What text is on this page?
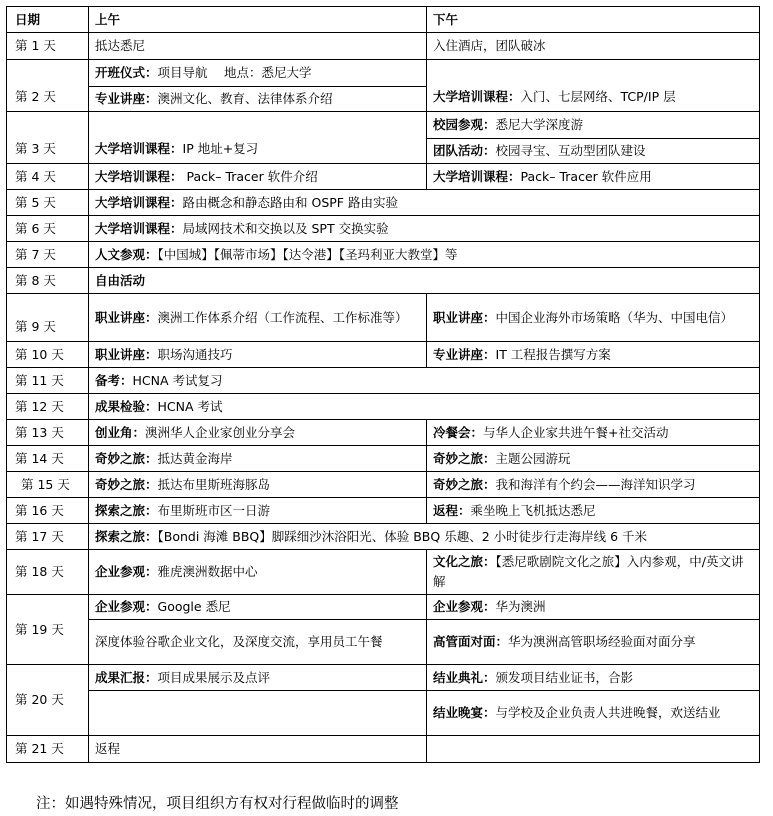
日期	上午	下午
第 1 天	抵达悉尼	入住酒店，团队破冰
第 2 天	开班仪式：项目导航　 地点：悉尼大学	大学培训课程：入门、七层网络、TCP/IP 层
	专业讲座：澳洲文化、教育、法律体系介绍	
第 3 天	大学培训课程：IP 地址+复习	校园参观：悉尼大学深度游
		团队活动：校园寻宝、互动型团队建设
第 4 天	大学培训课程： Pack– Tracer 软件介绍	大学培训课程：Pack– Tracer 软件应用
第 5 天	大学培训课程：路由概念和静态路由和 OSPF 路由实验	
第 6 天	大学培训课程：局域网技术和交换以及 SPT 交换实验	
第 7 天	人文参观：【中国城】【佩蒂市场】【达令港】【圣玛利亚大教堂】等	
第 8 天	自由活动	
第 9 天	职业讲座：澳洲工作体系介绍（工作流程、工作标准等）	职业讲座：中国企业海外市场策略（华为、中国电信）
第 10 天	职业讲座：职场沟通技巧	专业讲座：IT 工程报告撰写方案
第 11 天	备考：HCNA 考试复习	
第 12 天	成果检验：HCNA 考试	
第 13 天	创业角：澳洲华人企业家创业分享会	冷餐会：与华人企业家共进午餐+社交活动
第 14 天	奇妙之旅：抵达黄金海岸	奇妙之旅：主题公园游玩
第 15 天	奇妙之旅：抵达布里斯班海豚岛	奇妙之旅：我和海洋有个约会——海洋知识学习
第 16 天	探索之旅：布里斯班市区一日游	返程：乘坐晚上飞机抵达悉尼
第 17 天	探索之旅：【Bondi 海滩 BBQ】脚踩细沙沐浴阳光、体验 BBQ 乐趣、2 小时徒步行走海岸线 6 千米	
第 18 天	企业参观：雅虎澳洲数据中心	文化之旅：【悉尼歌剧院文化之旅】入内参观，中/英文讲解
第 19 天	企业参观：Google 悉尼	企业参观：华为澳洲
	深度体验谷歌企业文化，及深度交流，享用员工午餐	高管面对面：华为澳洲高管职场经验面对面分享
第 20 天	成果汇报：项目成果展示及点评	结业典礼：颁发项目结业证书，合影
		结业晚宴：与学校及企业负责人共进晚餐，欢送结业
第 21 天	返程	
注：如遇特殊情况，项目组织方有权对行程做临时的调整
